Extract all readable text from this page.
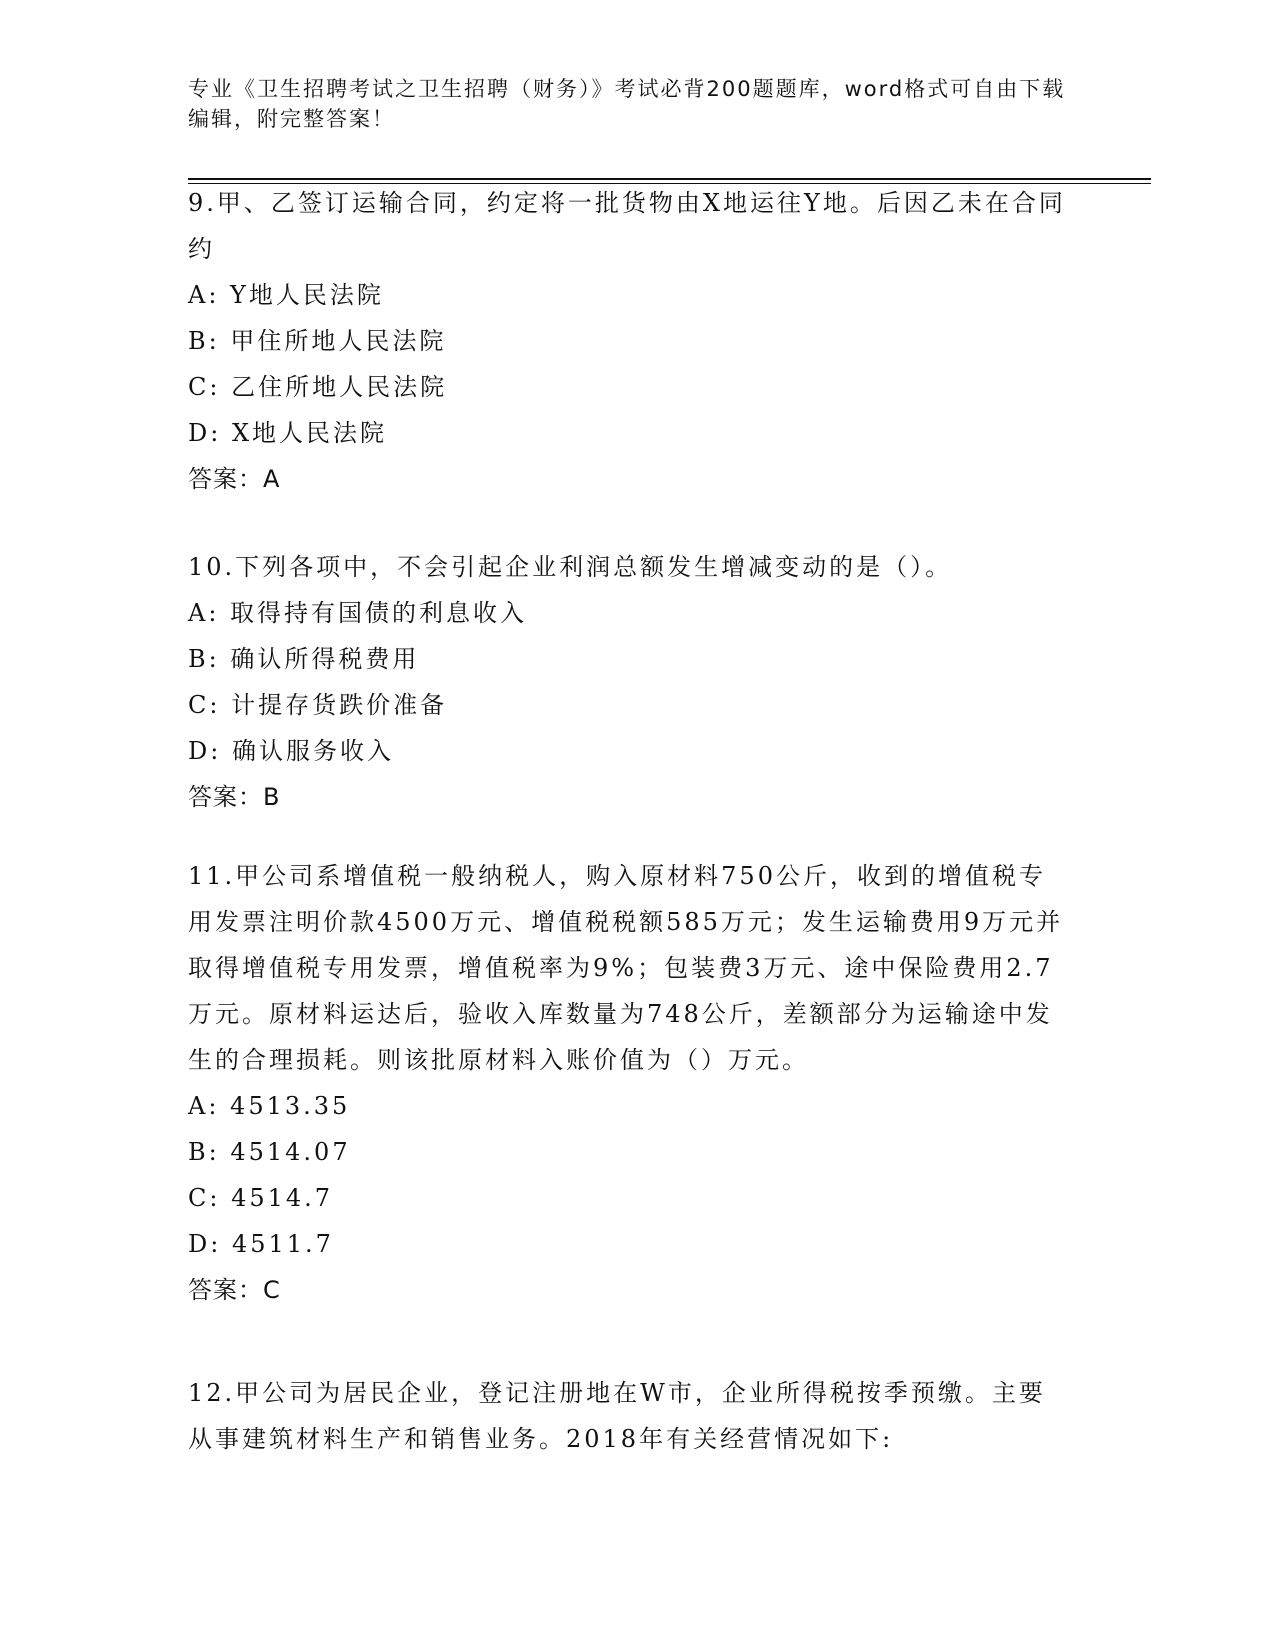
专业《卫生招聘考试之卫生招聘（财务）》考试必背200题题库，word格式可自由下载编辑，附完整答案！
9.甲、乙签订运输合同，约定将一批货物由X地运往Y地。后因乙未在合同约
A: Y地人民法院
B: 甲住所地人民法院
C: 乙住所地人民法院
D: X地人民法院
答案：A
10.下列各项中，不会引起企业利润总额发生增减变动的是（）。
A: 取得持有国债的利息收入
B: 确认所得税费用
C: 计提存货跌价准备
D: 确认服务收入
答案：B
11.甲公司系增值税一般纳税人，购入原材料750公斤，收到的增值税专用发票注明价款4500万元、增值税税额585万元；发生运输费用9万元并取得增值税专用发票，增值税率为9%；包装费3万元、途中保险费用2.7万元。原材料运达后，验收入库数量为748公斤，差额部分为运输途中发生的合理损耗。则该批原材料入账价值为（）万元。
A: 4513.35
B: 4514.07
C: 4514.7
D: 4511.7
答案：C
12.甲公司为居民企业，登记注册地在W市，企业所得税按季预缴。主要从事建筑材料生产和销售业务。2018年有关经营情况如下:
